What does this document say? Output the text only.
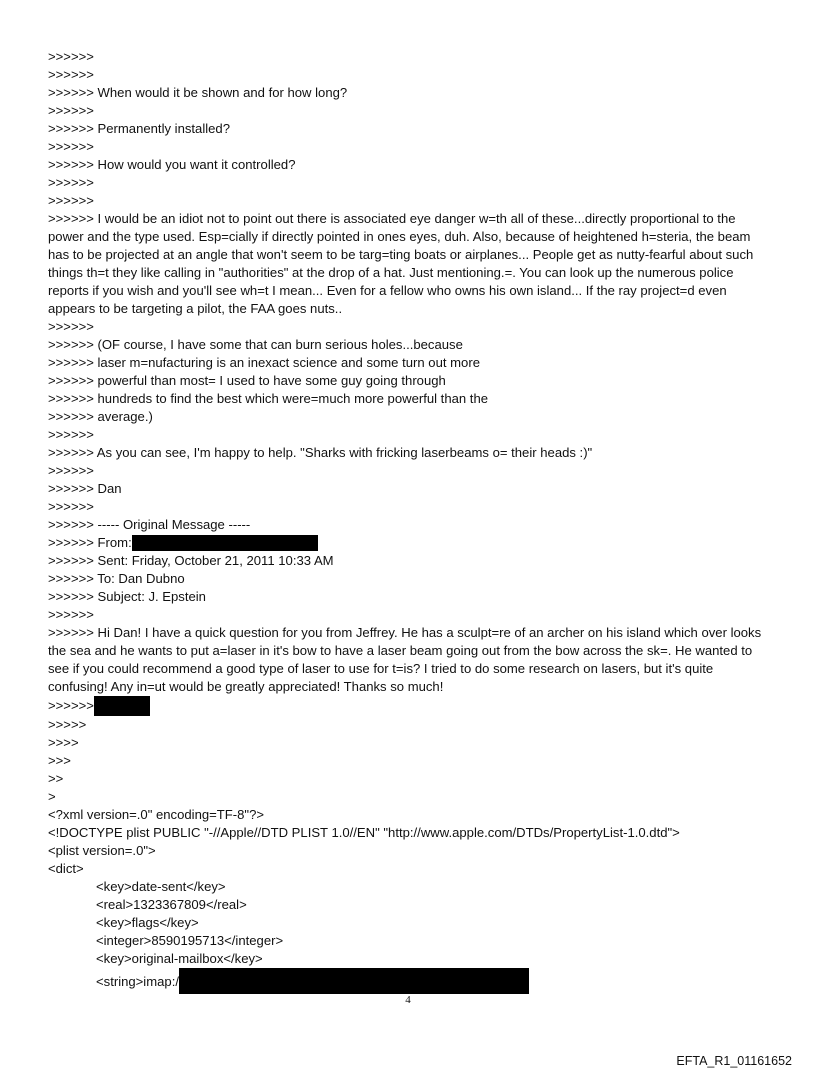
>>>>>>
>>>>>>
>>>>>> When would it be shown and for how long?
>>>>>>
>>>>>> Permanently installed?
>>>>>>
>>>>>> How would you want it controlled?
>>>>>>
>>>>>>
>>>>>> I would be an idiot not to point out there is associated eye danger w=th all of these...directly proportional to the power and the type used. Esp=cially if directly pointed in ones eyes, duh. Also, because of heightened h=steria, the beam has to be projected at an angle that won't seem to be targ=ting boats or airplanes... People get as nutty-fearful about such things th=t they like calling in "authorities" at the drop of a hat. Just mentioning.=. You can look up the numerous police reports if you wish and you'll see wh=t I mean... Even for a fellow who owns his own island... If the ray project=d even appears to be targeting a pilot, the FAA goes nuts..
>>>>>>
>>>>>> (OF course, I have some that can burn serious holes...because
>>>>>> laser m=nufacturing is an inexact science and some turn out more
>>>>>> powerful than most= I used to have some guy going through
>>>>>> hundreds to find the best which were=much more powerful than the
>>>>>> average.)
>>>>>>
>>>>>> As you can see, I'm happy to help. "Sharks with fricking laserbeams o= their heads :)"
>>>>>>
>>>>>> Dan
>>>>>>
>>>>>> ----- Original Message -----
>>>>>> From:
>>>>>> Sent: Friday, October 21, 2011 10:33 AM
>>>>>> To: Dan Dubno
>>>>>> Subject: J. Epstein
>>>>>>
>>>>>> Hi Dan! I have a quick question for you from Jeffrey. He has a sculpt=re of an archer on his island which over looks the sea and he wants to put a=laser in it's bow to have a laser beam going out from the bow across the sk=. He wanted to see if you could recommend a good type of laser to use for t=is? I tried to do some research on lasers, but it's quite confusing! Any in=ut would be greatly appreciated! Thanks so much!
>>>>>>
>>>>>
>>>>
>>>
>>
>
<?xml version=.0" encoding=TF-8"?>
<!DOCTYPE plist PUBLIC "-//Apple//DTD PLIST 1.0//EN" "http://www.apple.com/DTDs/PropertyList-1.0.dtd">
<plist version=.0">
<dict>
<key>date-sent</key>
<real>1323367809</real>
<key>flags</key>
<integer>8590195713</integer>
<key>original-mailbox</key>
<string>imap:/
4
EFTA_R1_01161652
